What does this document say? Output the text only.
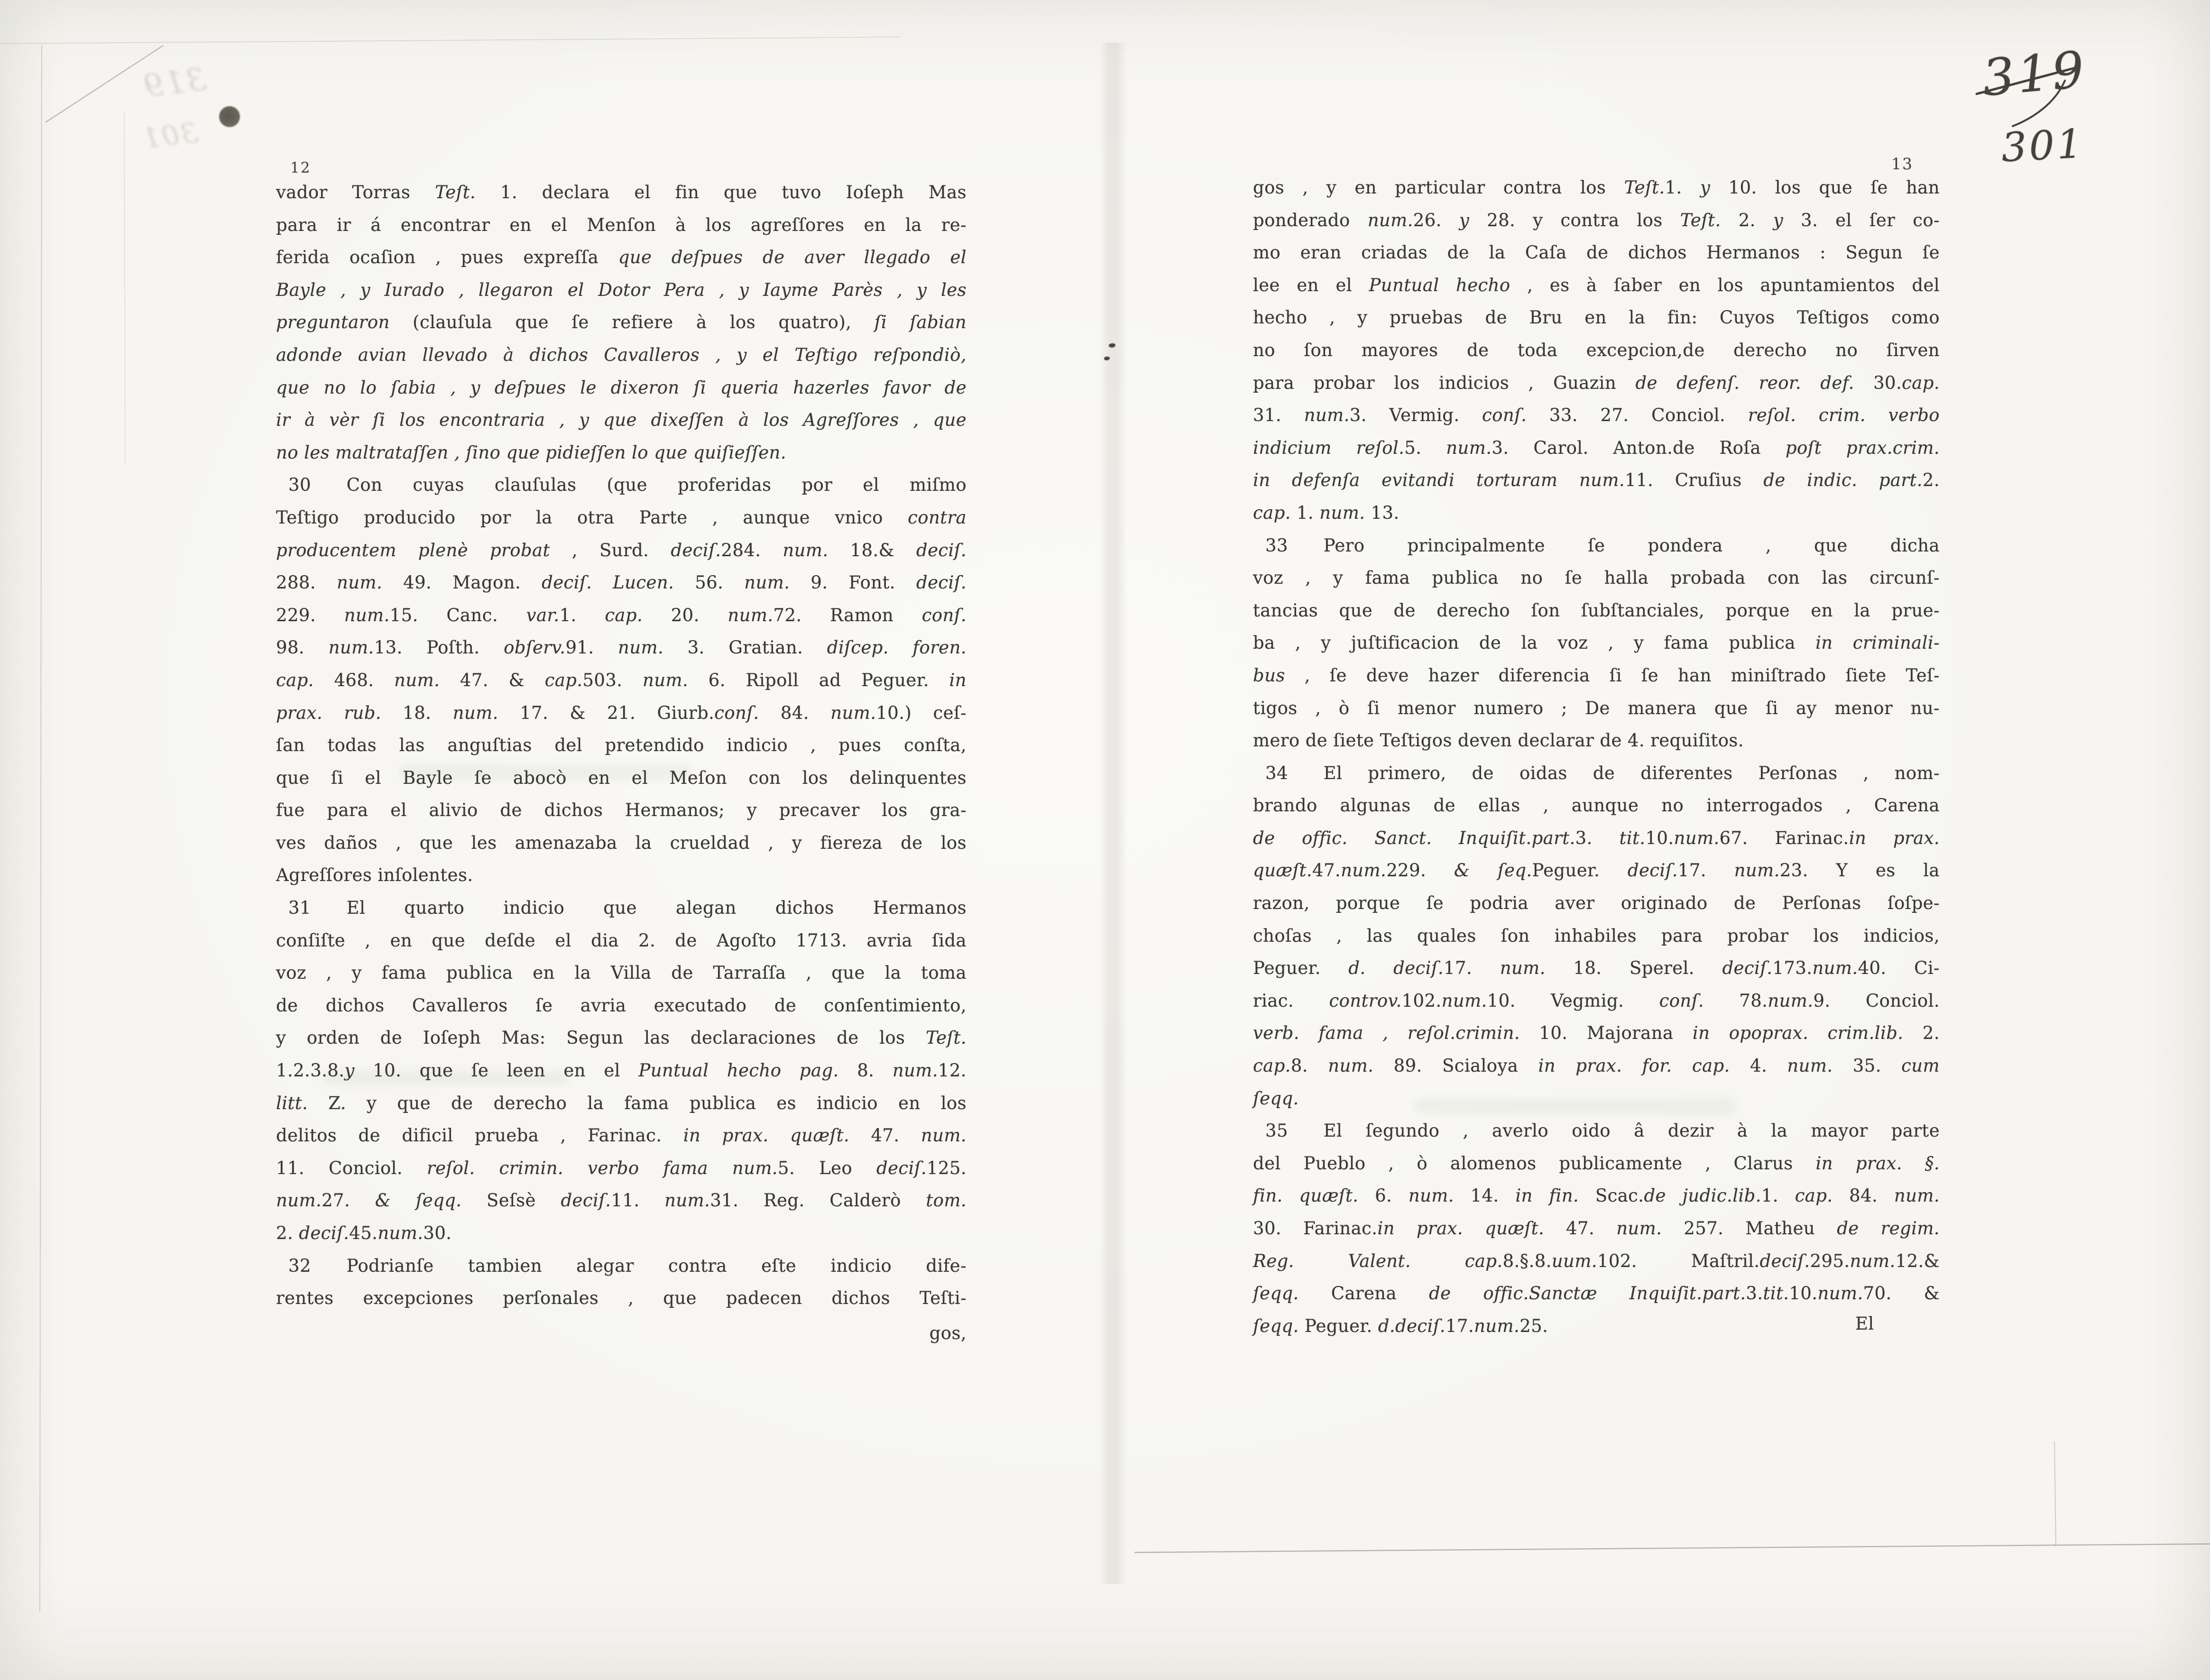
319
301
12	13
vador Torras Teſt. 1. declara el fin que tuvo Ioſeph Mas
para ir á encontrar en el Menſon à los agreſſores en la re-
ferida ocaſion , pues expreſſa que deſpues de aver llegado el
Bayle , y Iurado , llegaron el Dotor Pera , y Iayme Parès , y les
preguntaron (clauſula que ſe refiere à los quatro), ſi ſabian
adonde avian llevado à dichos Cavalleros , y el Teſtigo reſpondiò,
que no lo ſabia , y deſpues le dixeron ſi queria hazerles favor de
ir à vèr ſi los encontraria , y que dixeſſen à los Agreſſores , que
no les maltrataſſen , ſino que pidieſſen lo que quiſieſſen.
30  Con cuyas clauſulas (que proferidas por el miſmo
Teſtigo producido por la otra Parte , aunque vnico contra
producentem plenè probat , Surd. deciſ.284. num. 18.& deciſ.
288. num. 49. Magon. deciſ. Lucen. 56. num. 9. Font. deciſ.
229. num.15. Canc. var.1. cap. 20. num.72. Ramon conſ.
98. num.13. Poſth. obſerv.91. num. 3. Gratian. diſcep. foren.
cap. 468. num. 47. & cap.503. num. 6. Ripoll ad Peguer. in
prax. rub. 18. num. 17. & 21. Giurb.conſ. 84. num.10.) ceſ-
ſan todas las anguſtias del pretendido indicio , pues conſta,
que ſi el Bayle ſe abocò en el Meſon con los delinquentes
fue para el alivio de dichos Hermanos; y precaver los gra-
ves daños , que les amenazaba la crueldad , y fiereza de los
Agreſſores inſolentes.
31  El quarto indicio que alegan dichos Hermanos
conſiſte , en que deſde el dia 2. de Agoſto 1713. avria ſida
voz , y fama publica en la Villa de Tarraſſa , que la toma
de dichos Cavalleros ſe avria executado de conſentimiento,
y orden de Ioſeph Mas: Segun las declaraciones de los Teſt.
1.2.3.8.y 10. que ſe leen en el Puntual hecho pag. 8. num.12.
litt. Z. y que de derecho la fama publica es indicio en los
delitos de dificil prueba , Farinac. in prax. quæſt. 47. num.
11. Conciol. reſol. crimin. verbo fama num.5. Leo deciſ.125.
num.27. & ſeqq. Seſsè deciſ.11. num.31. Reg. Calderò tom.
2. deciſ.45.num.30.
32  Podrianſe tambien alegar contra eſte indicio dife-
rentes excepciones perſonales , que padecen dichos Teſti-
gos , y en particular contra los Teſt.1. y 10. los que ſe han
ponderado num.26. y 28. y contra los Teſt. 2. y 3. el ſer co-
mo eran criadas de la Caſa de dichos Hermanos : Segun ſe
lee en el Puntual hecho , es à ſaber en los apuntamientos del
hecho , y pruebas de Bru en la fin: Cuyos Teſtigos como
no ſon mayores de toda excepcion,de derecho no ſirven
para probar los indicios , Guazin de defenſ. reor. def. 30.cap.
31. num.3. Vermig. conſ. 33. 27. Conciol. reſol. crim. verbo
indicium reſol.5. num.3. Carol. Anton.de Roſa poſt prax.crim.
in defenſa evitandi torturam num.11. Cruſius de indic. part.2.
cap. 1. num. 13.
33  Pero principalmente ſe pondera , que dicha
voz , y fama publica no ſe halla probada con las circunſ-
tancias que de derecho ſon ſubſtanciales, porque en la prue-
ba , y juſtificacion de la voz , y fama publica in criminali-
bus , ſe deve hazer diferencia ſi ſe han miniſtrado ſiete Teſ-
tigos , ò ſi menor numero ; De manera que ſi ay menor nu-
mero de ſiete Teſtigos deven declarar de 4. requiſitos.
34  El primero, de oidas de diferentes Perſonas , nom-
brando algunas de ellas , aunque no interrogados , Carena
de offic. Sanct. Inquiſit.part.3. tit.10.num.67. Farinac.in prax.
quæſt.47.num.229. & ſeq.Peguer. deciſ.17. num.23. Y es la
razon, porque ſe podria aver originado de Perſonas ſoſpe-
choſas , las quales ſon inhabiles para probar los indicios,
Peguer. d. deciſ.17. num. 18. Sperel. deciſ.173.num.40. Ci-
riac. controv.102.num.10. Vegmig. conſ. 78.num.9. Conciol.
verb. fama , reſol.crimin. 10. Majorana in opoprax. crim.lib. 2.
cap.8. num. 89. Scialoya in prax. for. cap. 4. num. 35. cum
ſeqq.
35  El ſegundo , averlo oido â dezir à la mayor parte
del Pueblo , ò alomenos publicamente , Clarus in prax. §.
fin. quæſt. 6. num. 14. in fin. Scac.de judic.lib.1. cap. 84. num.
30. Farinac.in prax. quæſt. 47. num. 257. Matheu de regim.
Reg. Valent. cap.8.§.8.uum.102. Maſtril.deciſ.295.num.12.&
ſeqq. Carena de offic.Sanctæ Inquiſit.part.3.tit.10.num.70. &
ſeqq. Peguer. d.deciſ.17.num.25.
gos,	El
319
301
